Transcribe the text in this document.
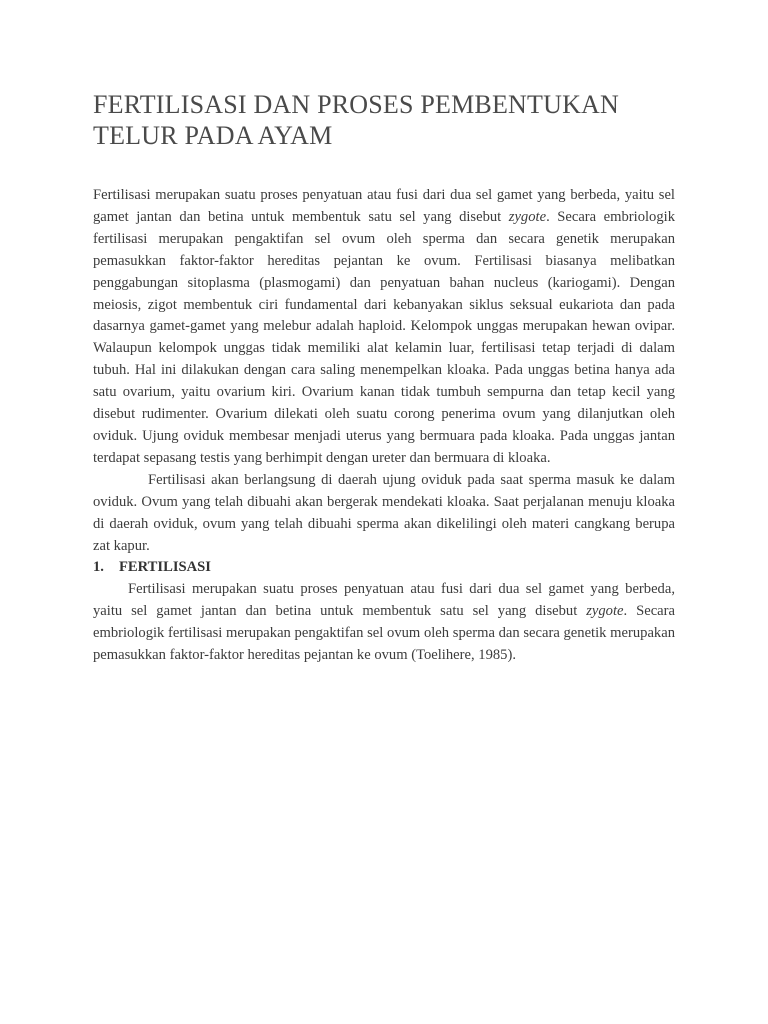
FERTILISASI DAN PROSES PEMBENTUKAN TELUR PADA AYAM

Fertilisasi merupakan suatu proses penyatuan atau fusi dari dua sel gamet yang berbeda, yaitu sel gamet jantan dan betina untuk membentuk satu sel yang disebut zygote. Secara embriologik fertilisasi merupakan pengaktifan sel ovum oleh sperma dan secara genetik merupakan pemasukkan faktor-faktor hereditas pejantan ke ovum. Fertilisasi biasanya melibatkan penggabungan sitoplasma (plasmogami) dan penyatuan bahan nucleus (kariogami). Dengan meiosis, zigot membentuk ciri fundamental dari kebanyakan siklus seksual eukariota dan pada dasarnya gamet-gamet yang melebur adalah haploid. Kelompok unggas merupakan hewan ovipar. Walaupun kelompok unggas tidak memiliki alat kelamin luar, fertilisasi tetap terjadi di dalam tubuh. Hal ini dilakukan dengan cara saling menempelkan kloaka. Pada unggas betina hanya ada satu ovarium, yaitu ovarium kiri. Ovarium kanan tidak tumbuh sempurna dan tetap kecil yang disebut rudimenter. Ovarium dilekati oleh suatu corong penerima ovum yang dilanjutkan oleh oviduk. Ujung oviduk membesar menjadi uterus yang bermuara pada kloaka. Pada unggas jantan terdapat sepasang testis yang berhimpit dengan ureter dan bermuara di kloaka.

Fertilisasi akan berlangsung di daerah ujung oviduk pada saat sperma masuk ke dalam oviduk. Ovum yang telah dibuahi akan bergerak mendekati kloaka. Saat perjalanan menuju kloaka di daerah oviduk, ovum yang telah dibuahi sperma akan dikelilingi oleh materi cangkang berupa zat kapur.

1. FERTILISASI

Fertilisasi merupakan suatu proses penyatuan atau fusi dari dua sel gamet yang berbeda, yaitu sel gamet jantan dan betina untuk membentuk satu sel yang disebut zygote. Secara embriologik fertilisasi merupakan pengaktifan sel ovum oleh sperma dan secara genetik merupakan pemasukkan faktor-faktor hereditas pejantan ke ovum (Toelihere, 1985).
